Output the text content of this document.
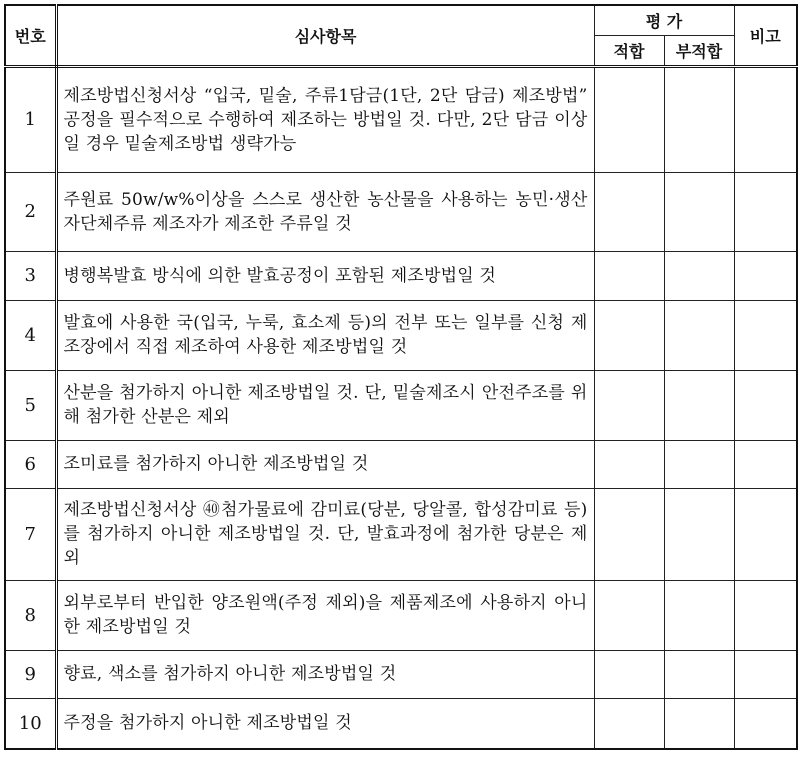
번호	심사항목	평 가		비고
		적합	부적합	
1	제조방법신청서상 “입국, 밑술, 주류1담금(1단, 2단 담금) 제조방법” 공정을 필수적으로 수행하여 제조하는 방법일 것. 다만, 2단 담금 이상일 경우 밑술제조방법 생략가능			
2	주원료 50w/w%이상을 스스로 생산한 농산물을 사용하는 농민·생산자단체주류 제조자가 제조한 주류일 것			
3	병행복발효 방식에 의한 발효공정이 포함된 제조방법일 것			
4	발효에 사용한 국(입국, 누룩, 효소제 등)의 전부 또는 일부를 신청 제조장에서 직접 제조하여 사용한 제조방법일 것			
5	산분을 첨가하지 아니한 제조방법일 것. 단, 밑술제조시 안전주조를 위해 첨가한 산분은 제외			
6	조미료를 첨가하지 아니한 제조방법일 것			
7	제조방법신청서상 ㊵첨가물료에 감미료(당분, 당알콜, 합성감미료 등)를 첨가하지 아니한 제조방법일 것. 단, 발효과정에 첨가한 당분은 제외			
8	외부로부터 반입한 양조원액(주정 제외)을 제품제조에 사용하지 아니한 제조방법일 것			
9	향료, 색소를 첨가하지 아니한 제조방법일 것			
10	주정을 첨가하지 아니한 제조방법일 것			
